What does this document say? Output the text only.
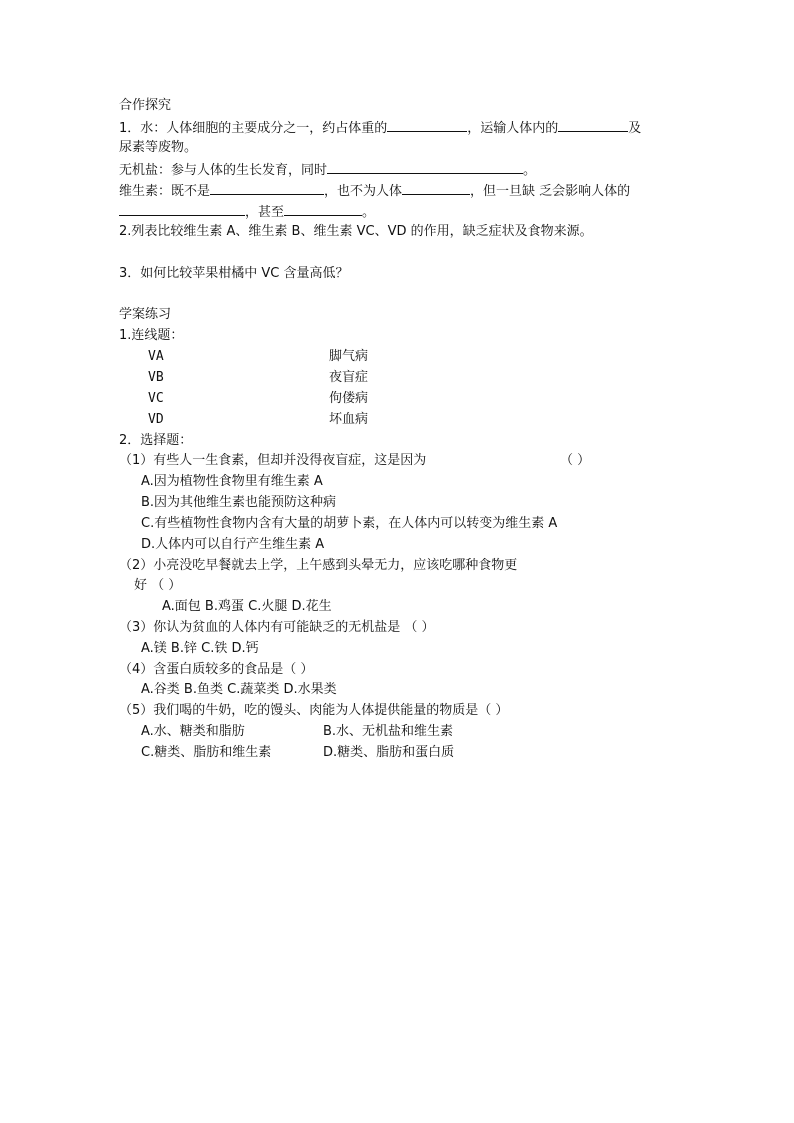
合作探究
1．水：人体细胞的主要成分之一，约占体重的	，运输人体内的	及
尿素等废物。
无机盐：参与人体的生长发育，同时	。
维生素：既不是	，也不为人体	，但一旦缺 乏会影响人体的
，甚至	。
2.列表比较维生素 A、维生素 B、维生素 VC、VD 的作用，缺乏症状及食物来源。
3．如何比较苹果柑橘中 VC 含量高低？
学案练习
1.连线题：
VA	脚气病
VB	夜盲症
VC	佝偻病
VD	坏血病
2．选择题：
（1）有些人一生食素，但却并没得夜盲症，这是因为	（ ）
A.因为植物性食物里有维生素 A
B.因为其他维生素也能预防这种病
C.有些植物性食物内含有大量的胡萝卜素，在人体内可以转变为维生素 A
D.人体内可以自行产生维生素 A
（2）小亮没吃早餐就去上学，上午感到头晕无力，应该吃哪种食物更
好 （ ）
A.面包 B.鸡蛋 C.火腿 D.花生
（3）你认为贫血的人体内有可能缺乏的无机盐是 （ ）
A.镁 B.锌 C.铁 D.钙
（4）含蛋白质较多的食品是（ ）
A.谷类 B.鱼类 C.蔬菜类 D.水果类
（5）我们喝的牛奶，吃的馒头、肉能为人体提供能量的物质是（ ）
A.水、糖类和脂肪	B.水、无机盐和维生素
C.糖类、脂肪和维生素	D.糖类、脂肪和蛋白质
